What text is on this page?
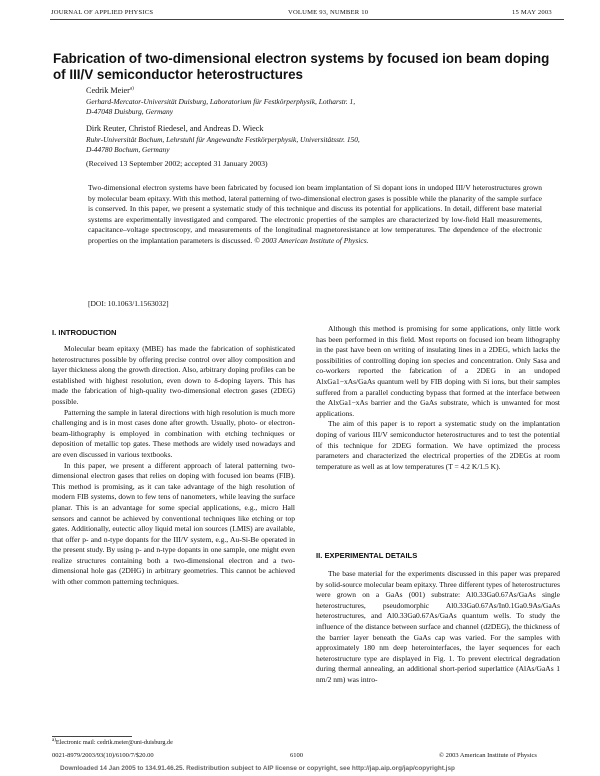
JOURNAL OF APPLIED PHYSICS	VOLUME 93, NUMBER 10	15 MAY 2003
Fabrication of two-dimensional electron systems by focused ion beam doping of III/V semiconductor heterostructures
Cedrik Meier$^{a)}$
Gerhard-Mercator-Universität Duisburg, Laboratorium für Festkörperphysik, Lotharstr. 1,
D-47048 Duisburg, Germany
Dirk Reuter, Christof Riedesel, and Andreas D. Wieck
Ruhr-Universität Bochum, Lehrstuhl für Angewandte Festkörperphysik, Universitätsstr. 150,
D-44780 Bochum, Germany
(Received 13 September 2002; accepted 31 January 2003)
Two-dimensional electron systems have been fabricated by focused ion beam implantation of Si dopant ions in undoped III/V heterostructures grown by molecular beam epitaxy. With this method, lateral patterning of two-dimensional electron gases is possible while the planarity of the sample surface is conserved. In this paper, we present a systematic study of this technique and discuss its potential for applications. In detail, different base material systems are experimentally investigated and compared. The electronic properties of the samples are characterized by low-field Hall measurements, capacitance–voltage spectroscopy, and measurements of the longitudinal magnetoresistance at low temperatures. The dependence of the electronic properties on the implantation parameters is discussed. © 2003 American Institute of Physics.
[DOI: 10.1063/1.1563032]
I. INTRODUCTION

Molecular beam epitaxy (MBE) has made the fabrication of sophisticated heterostructures possible by offering precise control over alloy composition and layer thickness along the growth direction. Also, arbitrary doping profiles can be established with highest resolution, even down to δ-doping layers. This has made the fabrication of high-quality two-dimensional electron gases (2DEG) possible.

Patterning the sample in lateral directions with high resolution is much more challenging and is in most cases done after growth. Usually, photo- or electron-beam-lithography is employed in combination with etching techniques or deposition of metallic top gates. These methods are widely used nowadays and are even discussed in various textbooks.

In this paper, we present a different approach of lateral patterning two-dimensional electron gases that relies on doping with focused ion beams (FIB). This method is promising, as it can take advantage of the high resolution of modern FIB systems, down to few tens of nanometers, while leaving the surface planar. This is an advantage for some special applications, e.g., micro Hall sensors and cannot be achieved by conventional techniques like etching or top gates. Additionally, eutectic alloy liquid metal ion sources (LMIS) are available, that offer p- and n-type dopants for the III/V system, e.g., Au-Si-Be operated in the present study. By using p- and n-type dopants in one sample, one might even realize structures containing both a two-dimensional electron and a two-dimensional hole gas (2DHG) in arbitrary geometries. This cannot be achieved with other common patterning techniques.

Although this method is promising for some applications, only little work has been performed in this field. Most reports on focused ion beam lithography in the past have been on writing of insulating lines in a 2DEG, which lacks the possibilities of controlling doping ion species and concentration. Only Sasa and co-workers reported the fabrication of a 2DEG in an undoped AlxGa1−xAs/GaAs quantum well by FIB doping with Si ions, but their samples suffered from a parallel conducting bypass that formed at the interface between the AlxGa1−xAs barrier and the GaAs substrate, which is unwanted for most applications.

The aim of this paper is to report a systematic study on the implantation doping of various III/V semiconductor heterostructures and to test the potential of this technique for 2DEG formation. We have optimized the process parameters and characterized the electrical properties of the 2DEGs at room temperature as well as at low temperatures (T = 4.2 K/1.5 K).

II. EXPERIMENTAL DETAILS

The base material for the experiments discussed in this paper was prepared by solid-source molecular beam epitaxy. Three different types of heterostructures were grown on a GaAs (001) substrate: Al0.33Ga0.67As/GaAs single heterostructures, pseudomorphic Al0.33Ga0.67As/In0.1Ga0.9As/GaAs heterostructures, and Al0.33Ga0.67As/GaAs quantum wells. To study the influence of the distance between surface and channel (d2DEG), the thickness of the barrier layer beneath the GaAs cap was varied. For the samples with approximately 180 nm deep heterointerfaces, the layer sequences for each heterostructure type are displayed in Fig. 1. To prevent electrical degradation during thermal annealing, an additional short-period superlattice (AlAs/GaAs 1 nm/2 nm) was intro-

$^{a)}$Electronic mail: cedrik.meier@uni-duisburg.de
0021-8979/2003/93(10)/6100/7/$20.00	6100	© 2003 American Institute of Physics
Downloaded 14 Jan 2005 to 134.91.46.25. Redistribution subject to AIP license or copyright, see http://jap.aip.org/jap/copyright.jsp
